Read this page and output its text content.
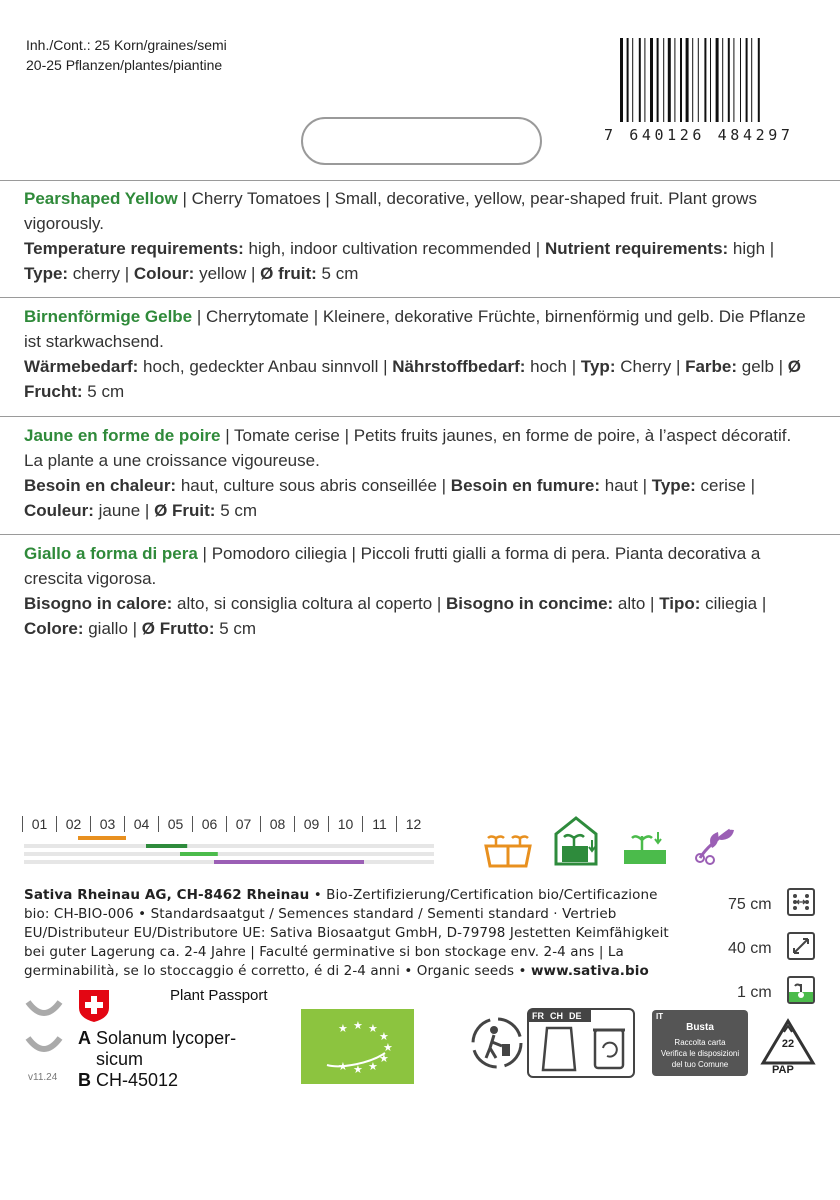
Inh./Cont.: 25 Korn/graines/semi
20-25 Pflanzen/plantes/piantine
7 640126 484297
Pearshaped Yellow | Cherry Tomatoes | Small, decorative, yellow, pear-shaped fruit. Plant grows vigorously.
Temperature requirements: high, indoor cultivation recommended | Nutrient requirements: high | Type: cherry | Colour: yellow | Ø fruit: 5 cm
Birnenförmige Gelbe | Cherrytomate | Kleinere, dekorative Früchte, birnenförmig und gelb. Die Pflanze ist starkwachsend.
Wärmebedarf: hoch, gedeckter Anbau sinnvoll | Nährstoffbedarf: hoch | Typ: Cherry | Farbe: gelb | Ø Frucht: 5 cm
Jaune en forme de poire | Tomate cerise | Petits fruits jaunes, en forme de poire, à l’aspect décoratif. La plante a une croissance vigoureuse.
Besoin en chaleur: haut, culture sous abris conseillée | Besoin en fumure: haut | Type: cerise | Couleur: jaune | Ø Fruit: 5 cm
Giallo a forma di pera | Pomodoro ciliegia | Piccoli frutti gialli a forma di pera. Pianta decorativa a crescita vigorosa.
Bisogno in calore: alto, si consiglia coltura al coperto | Bisogno in concime: alto | Tipo: ciliegia | Colore: giallo | Ø Frutto: 5 cm
01	02	03	04	05	06	07	08	09	10	11	12
Sativa Rheinau AG, CH-8462 Rheinau • Bio-Zertifizierung/Certification bio/Certificazione bio: CH-BIO-006 • Standardsaatgut / Semences standard / Sementi standard · Vertrieb EU/Distributeur EU/Distributore UE: Sativa Biosaatgut GmbH, D-79798 Jestetten Keimfähigkeit bei guter Lagerung ca. 2-4 Jahre | Faculté germinative si bon stockage env. 2-4 ans | La germinabilità, se lo stoccaggio é corretto, é di 2-4 anni • Organic seeds • www.sativa.bio
75 cm
40 cm
1 cm
v11.24
Plant Passport
A Solanum lycoper-
sicum
B CH-45012
★ ★
★
★
★
★
★
★
★
FR CH DE	IT
Busta
Raccolta carta
Verifica le disposizioni
del tuo Comune
22
PAP
